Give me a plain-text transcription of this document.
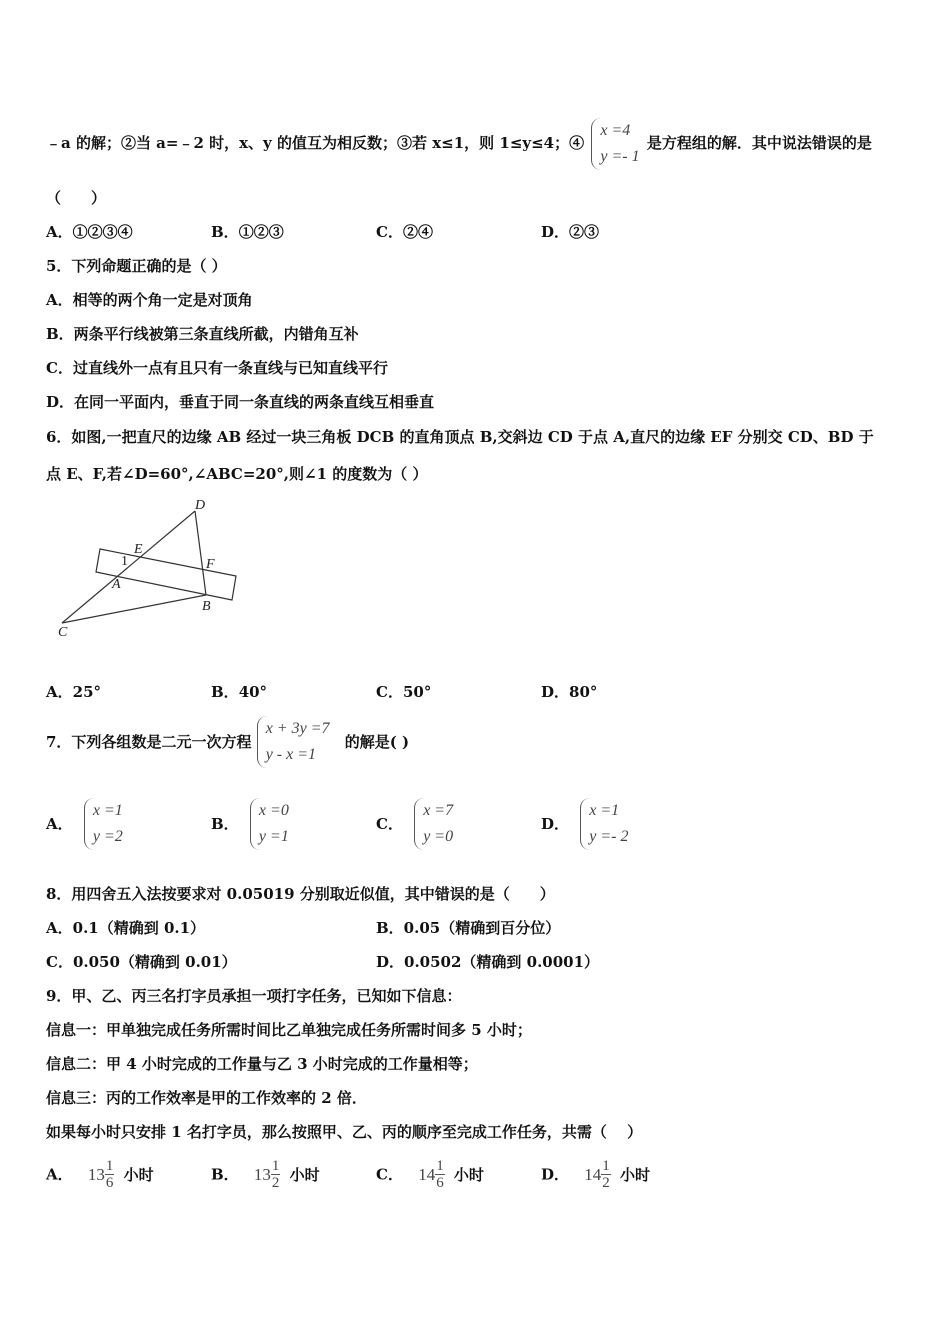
﹣a 的解；②当 a=﹣2 时，x、y 的值互为相反数；③若 x≤1，则 1≤y≤4；④
x =4
y =- 1
是方程组的解．其中说法错误的是
（　　）
A．①②③④	B．①②③	C．②④	D．②③
5．下列命题正确的是（ ）
A．相等的两个角一定是对顶角
B．两条平行线被第三条直线所截，内错角互补
C．过直线外一点有且只有一条直线与已知直线平行
D．在同一平面内，垂直于同一条直线的两条直线互相垂直
6．如图,一把直尺的边缘 AB 经过一块三角板 DCB 的直角顶点 B,交斜边 CD 于点 A,直尺的边缘 EF 分别交 CD、BD 于
点 E、F,若∠D=60°,∠ABC=20°,则∠1 的度数为（ ）
D
E
F
1
A
B
C
A．25°	B．40°	C．50°	D．80°
7．下列各组数是二元一次方程
x + 3y =7
y - x =1
的解是( )
A．
x =1
y =2
B．
x =0
y =1
C．
x =7
y =0
D．
x =1
y =- 2
8．用四舍五入法按要求对 0.05019 分别取近似值，其中错误的是（　　）
A．0.1（精确到 0.1）	B．0.05（精确到百分位）
C．0.050（精确到 0.01）	D．0.0502（精确到 0.0001）
9．甲、乙、丙三名打字员承担一项打字任务，已知如下信息：
信息一：甲单独完成任务所需时间比乙单独完成任务所需时间多 5 小时；
信息二：甲 4 小时完成的工作量与乙 3 小时完成的工作量相等；
信息三：丙的工作效率是甲的工作效率的 2 倍．
如果每小时只安排 1 名打字员，那么按照甲、乙、丙的顺序至完成工作任务，共需（　 ）
A． $13 \frac{1}{6}$ 小时	B． $13 \frac{1}{2}$ 小时	C． $14 \frac{1}{6}$ 小时	D． $14 \frac{1}{2}$ 小时
